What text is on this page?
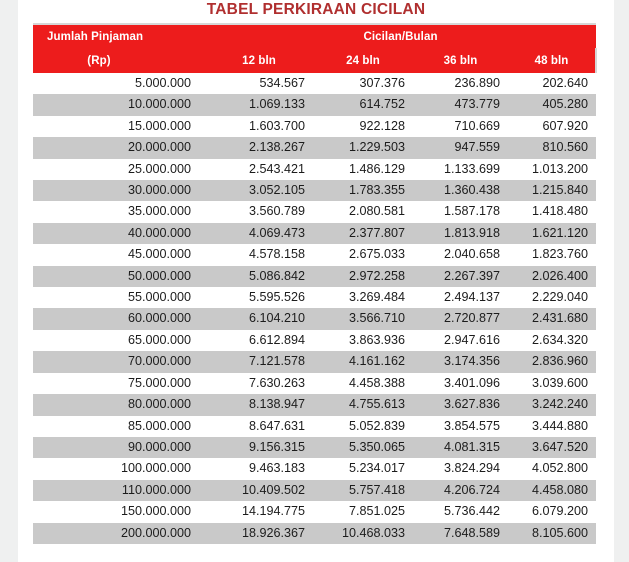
TABEL PERKIRAAN CICILAN
Jumlah Pinjaman	Cicilan/Bulan			
(Rp)	12 bln	24 bln	36 bln	48 bln
5.000.000	534.567	307.376	236.890	202.640
10.000.000	1.069.133	614.752	473.779	405.280
15.000.000	1.603.700	922.128	710.669	607.920
20.000.000	2.138.267	1.229.503	947.559	810.560
25.000.000	2.543.421	1.486.129	1.133.699	1.013.200
30.000.000	3.052.105	1.783.355	1.360.438	1.215.840
35.000.000	3.560.789	2.080.581	1.587.178	1.418.480
40.000.000	4.069.473	2.377.807	1.813.918	1.621.120
45.000.000	4.578.158	2.675.033	2.040.658	1.823.760
50.000.000	5.086.842	2.972.258	2.267.397	2.026.400
55.000.000	5.595.526	3.269.484	2.494.137	2.229.040
60.000.000	6.104.210	3.566.710	2.720.877	2.431.680
65.000.000	6.612.894	3.863.936	2.947.616	2.634.320
70.000.000	7.121.578	4.161.162	3.174.356	2.836.960
75.000.000	7.630.263	4.458.388	3.401.096	3.039.600
80.000.000	8.138.947	4.755.613	3.627.836	3.242.240
85.000.000	8.647.631	5.052.839	3.854.575	3.444.880
90.000.000	9.156.315	5.350.065	4.081.315	3.647.520
100.000.000	9.463.183	5.234.017	3.824.294	4.052.800
110.000.000	10.409.502	5.757.418	4.206.724	4.458.080
150.000.000	14.194.775	7.851.025	5.736.442	6.079.200
200.000.000	18.926.367	10.468.033	7.648.589	8.105.600
